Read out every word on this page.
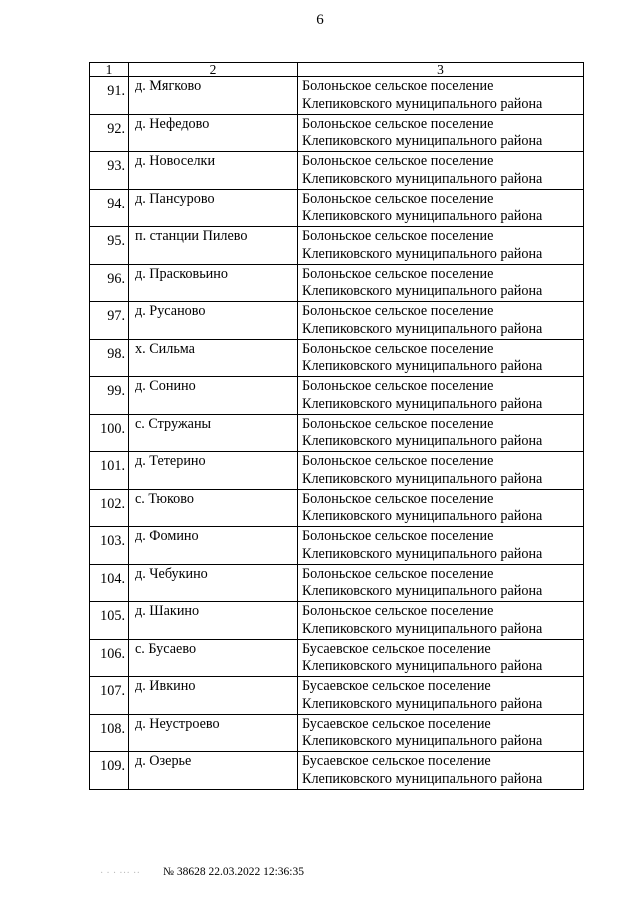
6
1	2	3
91.	д. Мягково	Болоньское сельское поселение
Клепиковского муниципального района

92.	д. Нефедово	Болоньское сельское поселение
Клепиковского муниципального района

93.	д. Новоселки	Болоньское сельское поселение
Клепиковского муниципального района

94.	д. Пансурово	Болоньское сельское поселение
Клепиковского муниципального района

95.	п. станции Пилево	Болоньское сельское поселение
Клепиковского муниципального района

96.	д. Прасковьино	Болоньское сельское поселение
Клепиковского муниципального района

97.	д. Русаново	Болоньское сельское поселение
Клепиковского муниципального района

98.	х. Сильма	Болоньское сельское поселение
Клепиковского муниципального района

99.	д. Сонино	Болоньское сельское поселение
Клепиковского муниципального района

100.	с. Стружаны	Болоньское сельское поселение
Клепиковского муниципального района

101.	д. Тетерино	Болоньское сельское поселение
Клепиковского муниципального района

102.	с. Тюково	Болоньское сельское поселение
Клепиковского муниципального района

103.	д. Фомино	Болоньское сельское поселение
Клепиковского муниципального района

104.	д. Чебукино	Болоньское сельское поселение
Клепиковского муниципального района

105.	д. Шакино	Болоньское сельское поселение
Клепиковского муниципального района

106.	с. Бусаево	Бусаевское сельское поселение
Клепиковского муниципального района

107.	д. Ивкино	Бусаевское сельское поселение
Клепиковского муниципального района

108.	д. Неустроево	Бусаевское сельское поселение
Клепиковского муниципального района

109.	д. Озерье	Бусаевское сельское поселение
Клепиковского муниципального района
· · · ··· ·· № 38628 22.03.2022 12:36:35
